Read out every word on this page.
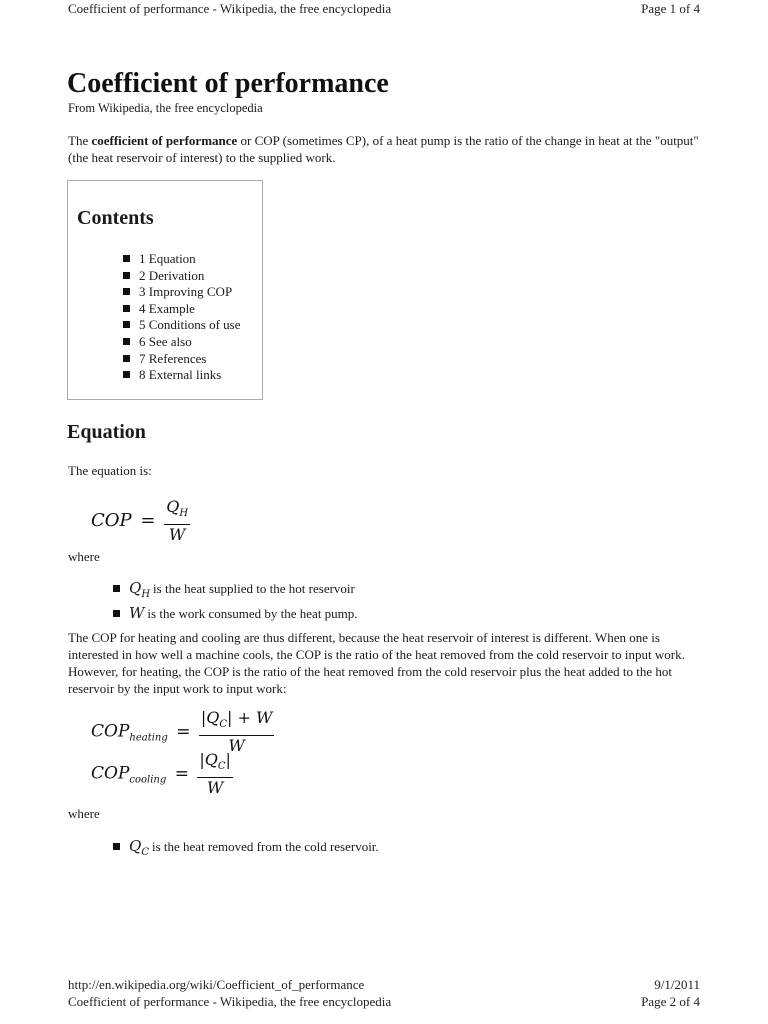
Coefficient of performance - Wikipedia, the free encyclopedia	Page 1 of 4
Coefficient of performance
From Wikipedia, the free encyclopedia
The coefficient of performance or COP (sometimes CP), of a heat pump is the ratio of the change in heat at the "output" (the heat reservoir of interest) to the supplied work.
Contents
1 Equation
2 Derivation
3 Improving COP
4 Example
5 Conditions of use
6 See also
7 References
8 External links
Equation
The equation is:
COP = $\frac{Q_H}{W}$
where
$Q_H$ is the heat supplied to the hot reservoir
W is the work consumed by the heat pump.
The COP for heating and cooling are thus different, because the heat reservoir of interest is different. When one is interested in how well a machine cools, the COP is the ratio of the heat removed from the cold reservoir to input work. However, for heating, the COP is the ratio of the heat removed from the cold reservoir plus the heat added to the hot reservoir by the input work to input work:
$COP_{heating} = \frac{|Q_C| + W}{W}$
$COP_{cooling} = \frac{|Q_C|}{W}$
where
$Q_C$ is the heat removed from the cold reservoir.
http://en.wikipedia.org/wiki/Coefficient_of_performance	9/1/2011
Coefficient of performance - Wikipedia, the free encyclopedia	Page 2 of 4
